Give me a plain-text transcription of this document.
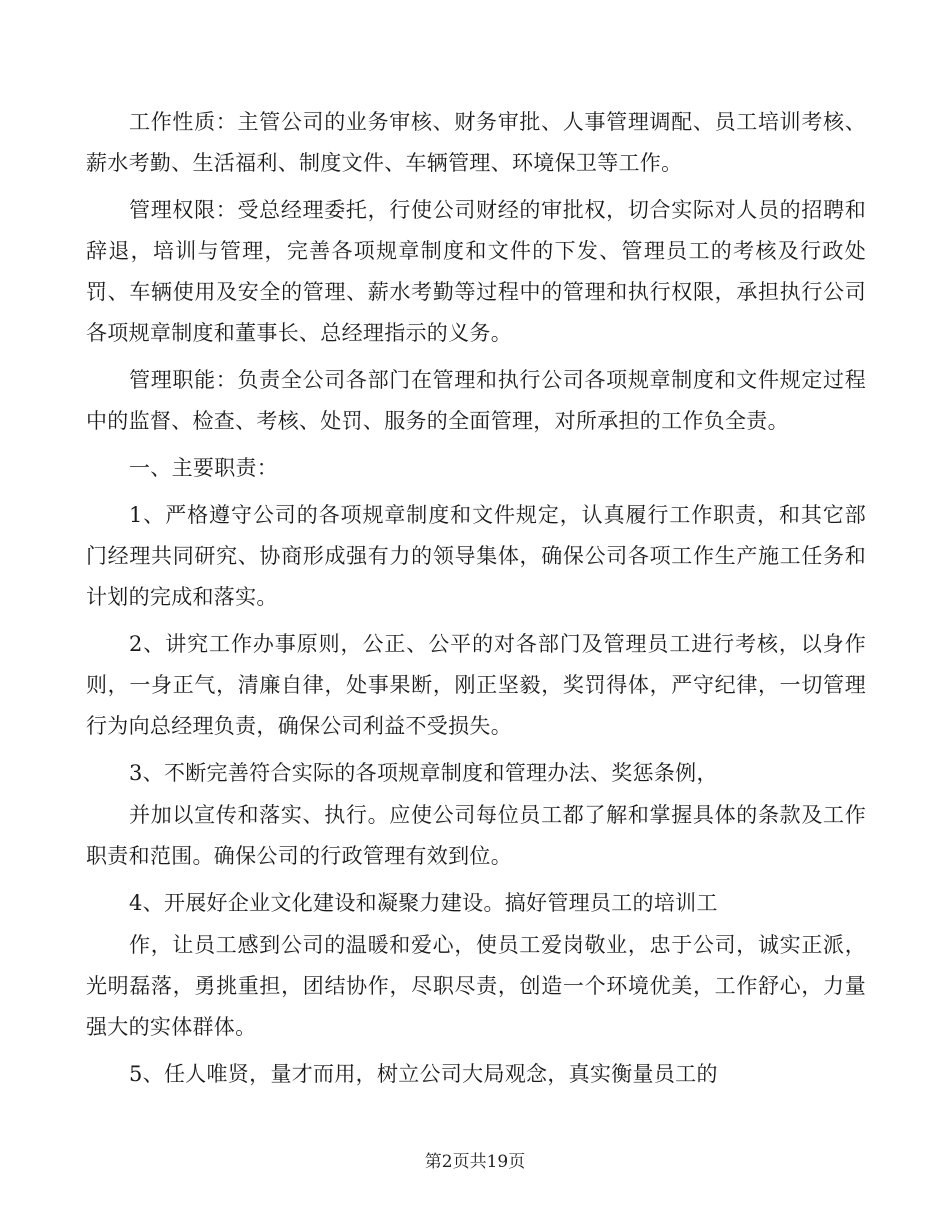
工作性质：主管公司的业务审核、财务审批、人事管理调配、员工培训考核、薪水考勤、生活福利、制度文件、车辆管理、环境保卫等工作。

管理权限：受总经理委托，行使公司财经的审批权，切合实际对人员的招聘和辞退，培训与管理，完善各项规章制度和文件的下发、管理员工的考核及行政处罚、车辆使用及安全的管理、薪水考勤等过程中的管理和执行权限，承担执行公司各项规章制度和董事长、总经理指示的义务。

管理职能：负责全公司各部门在管理和执行公司各项规章制度和文件规定过程中的监督、检查、考核、处罚、服务的全面管理，对所承担的工作负全责。

一、主要职责：

1、严格遵守公司的各项规章制度和文件规定，认真履行工作职责，和其它部门经理共同研究、协商形成强有力的领导集体，确保公司各项工作生产施工任务和计划的完成和落实。

2、讲究工作办事原则，公正、公平的对各部门及管理员工进行考核，以身作则，一身正气，清廉自律，处事果断，刚正坚毅，奖罚得体，严守纪律，一切管理行为向总经理负责，确保公司利益不受损失。

3、不断完善符合实际的各项规章制度和管理办法、奖惩条例，

并加以宣传和落实、执行。应使公司每位员工都了解和掌握具体的条款及工作职责和范围。确保公司的行政管理有效到位。

4、开展好企业文化建设和凝聚力建设。搞好管理员工的培训工

作，让员工感到公司的温暖和爱心，使员工爱岗敬业，忠于公司，诚实正派，光明磊落，勇挑重担，团结协作，尽职尽责，创造一个环境优美，工作舒心，力量强大的实体群体。

5、任人唯贤，量才而用，树立公司大局观念，真实衡量员工的

第2页共19页
